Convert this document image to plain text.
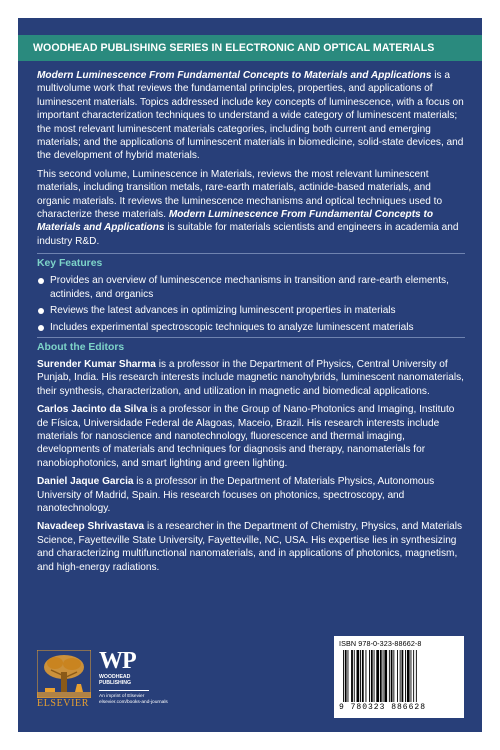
WOODHEAD PUBLISHING SERIES IN ELECTRONIC AND OPTICAL MATERIALS

Modern Luminescence From Fundamental Concepts to Materials and Applications is a multivolume work that reviews the fundamental principles, properties, and applications of luminescent materials. Topics addressed include key concepts of luminescence, with a focus on important characterization techniques to understand a wide category of luminescent materials; the most relevant luminescent materials categories, including both current and emerging materials; and the applications of luminescent materials in biomedicine, solid-state devices, and the development of hybrid materials.

This second volume, Luminescence in Materials, reviews the most relevant luminescent materials, including transition metals, rare-earth materials, actinide-based materials, and organic materials. It reviews the luminescence mechanisms and optical techniques used to characterize these materials. Modern Luminescence From Fundamental Concepts to Materials and Applications is suitable for materials scientists and engineers in academia and industry R&D.

Key Features
Provides an overview of luminescence mechanisms in transition and rare-earth elements, actinides, and organics
Reviews the latest advances in optimizing luminescent properties in materials
Includes experimental spectroscopic techniques to analyze luminescent materials
About the Editors

Surender Kumar Sharma is a professor in the Department of Physics, Central University of Punjab, India. His research interests include magnetic nanohybrids, luminescent nanomaterials, their synthesis, characterization, and utilization in magnetic and biomedical applications.

Carlos Jacinto da Silva is a professor in the Group of Nano-Photonics and Imaging, Instituto de Física, Universidade Federal de Alagoas, Maceio, Brazil. His research interests include materials for nanoscience and nanotechnology, fluorescence and thermal imaging, developments of materials and techniques for diagnosis and therapy, nanomaterials for nanobiophotonics, and smart lighting and green lighting.

Daniel Jaque Garcia is a professor in the Department of Materials Physics, Autonomous University of Madrid, Spain. His research focuses on photonics, spectroscopy, and nanotechnology.

Navadeep Shrivastava is a researcher in the Department of Chemistry, Physics, and Materials Science, Fayetteville State University, Fayetteville, NC, USA. His expertise lies in synthesizing and characterizing multifunctional nanomaterials, and in applications of photonics, magnetism, and high-energy radiations.

ELSEVIER
WP
WOODHEAD
PUBLISHING
An imprint of Elsevier
elsevier.com/books-and-journals
ISBN 978-0-323-88662-8
9 780323 886628
